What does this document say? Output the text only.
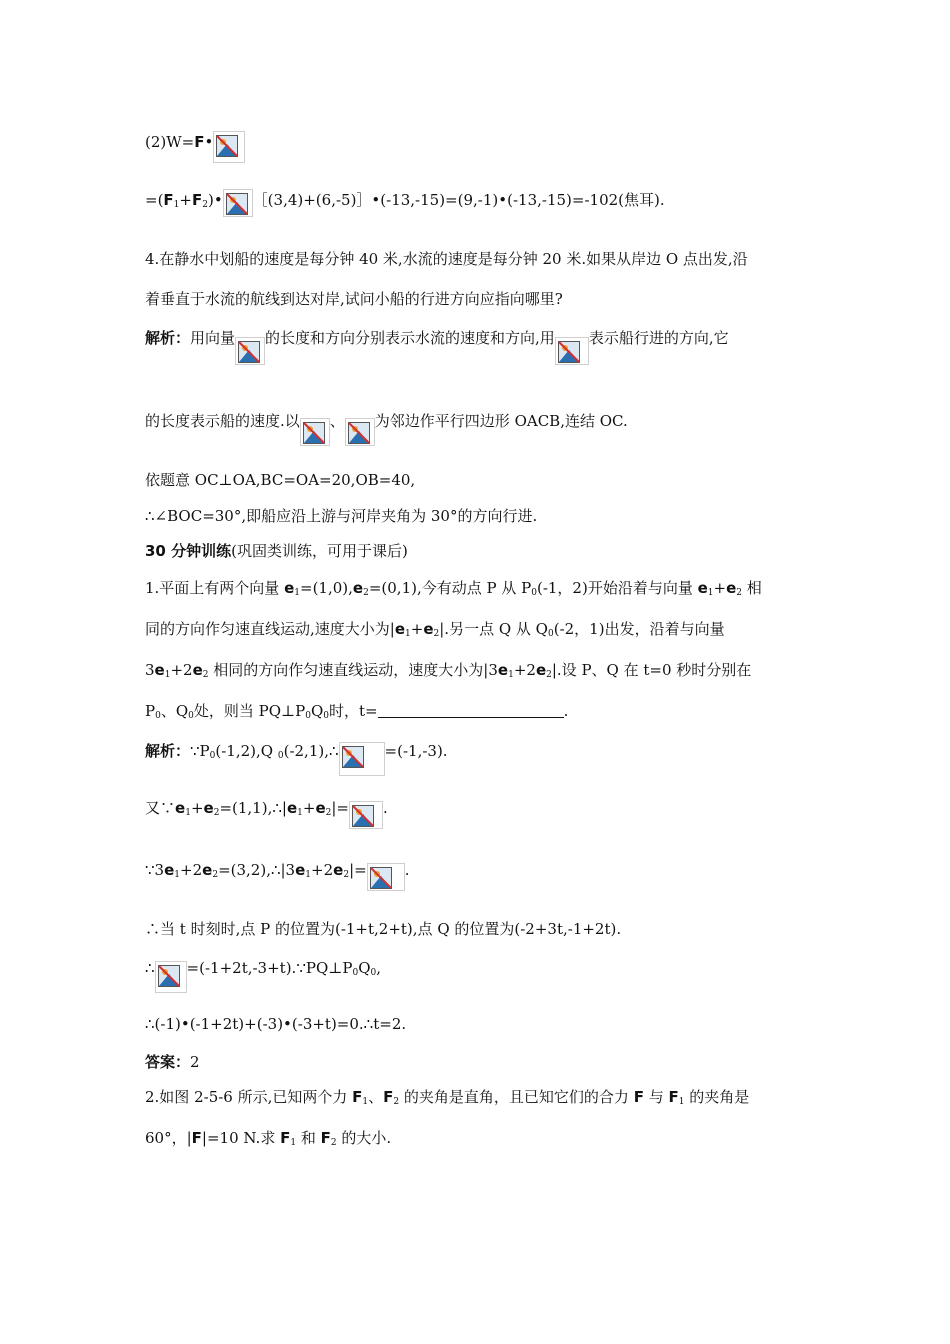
(2)W=F•
$=(F_1+F_2)•$ ［(3,4)+(6,-5)］•(-13,-15)=(9,-1)•(-13,-15)=-102(焦耳).
4.在静水中划船的速度是每分钟 40 米,水流的速度是每分钟 20 米.如果从岸边 O 点出发,沿
着垂直于水流的航线到达对岸,试问小船的行进方向应指向哪里?
解析：用向量 的长度和方向分别表示水流的速度和方向,用 表示船行进的方向,它
的长度表示船的速度.以 、 为邻边作平行四边形 OACB,连结 OC.
依题意 OC⊥OA,BC=OA=20,OB=40,
∴∠BOC=30°,即船应沿上游与河岸夹角为 30°的方向行进.
30 分钟训练(巩固类训练，可用于课后)
1.平面上有两个向量 $e_1=(1,0),e_2=(0,1)$,今有动点 P 从 $P_0(-1$，2)开始沿着与向量 $e_1+e_2$ 相
同的方向作匀速直线运动,速度大小为$|e_1+e_2|$.另一点 Q 从 $Q_0(-2$，1)出发，沿着与向量
$3e_1+2e_2$ 相同的方向作匀速直线运动，速度大小为$|3e_1+2e_2|$.设 P、Q 在 t=0 秒时分别在
$P_0$、$Q_0$处，则当 $PQ\perp P_0Q_0$时，t=	.
解析：$\because P_0(-1,2),Q$ $_0$(-2,1),∴	=(-1,-3).
又$\because e_1+e_2=(1,1),\therefore|e_1+e_2|=$ .
$\because 3e_1+2e_2=(3,2),\therefore|3e_1+2e_2|=$	.
∴当 t 时刻时,点 P 的位置为(-1+t,2+t),点 Q 的位置为(-2+3t,-1+2t).
∴ $=(-1+2t,-3+t).\because PQ\perp P_0Q_0$,
∴(-1)•(-1+2t)+(-3)•(-3+t)=0.∴t=2.
答案：2
2.如图 2-5-6 所示,已知两个力 $F_1$、$F_2$ 的夹角是直角，且已知它们的合力 F 与 $F_1$ 的夹角是
60°，|F|=10 N.求 $F_1$ 和 $F_2$ 的大小.
